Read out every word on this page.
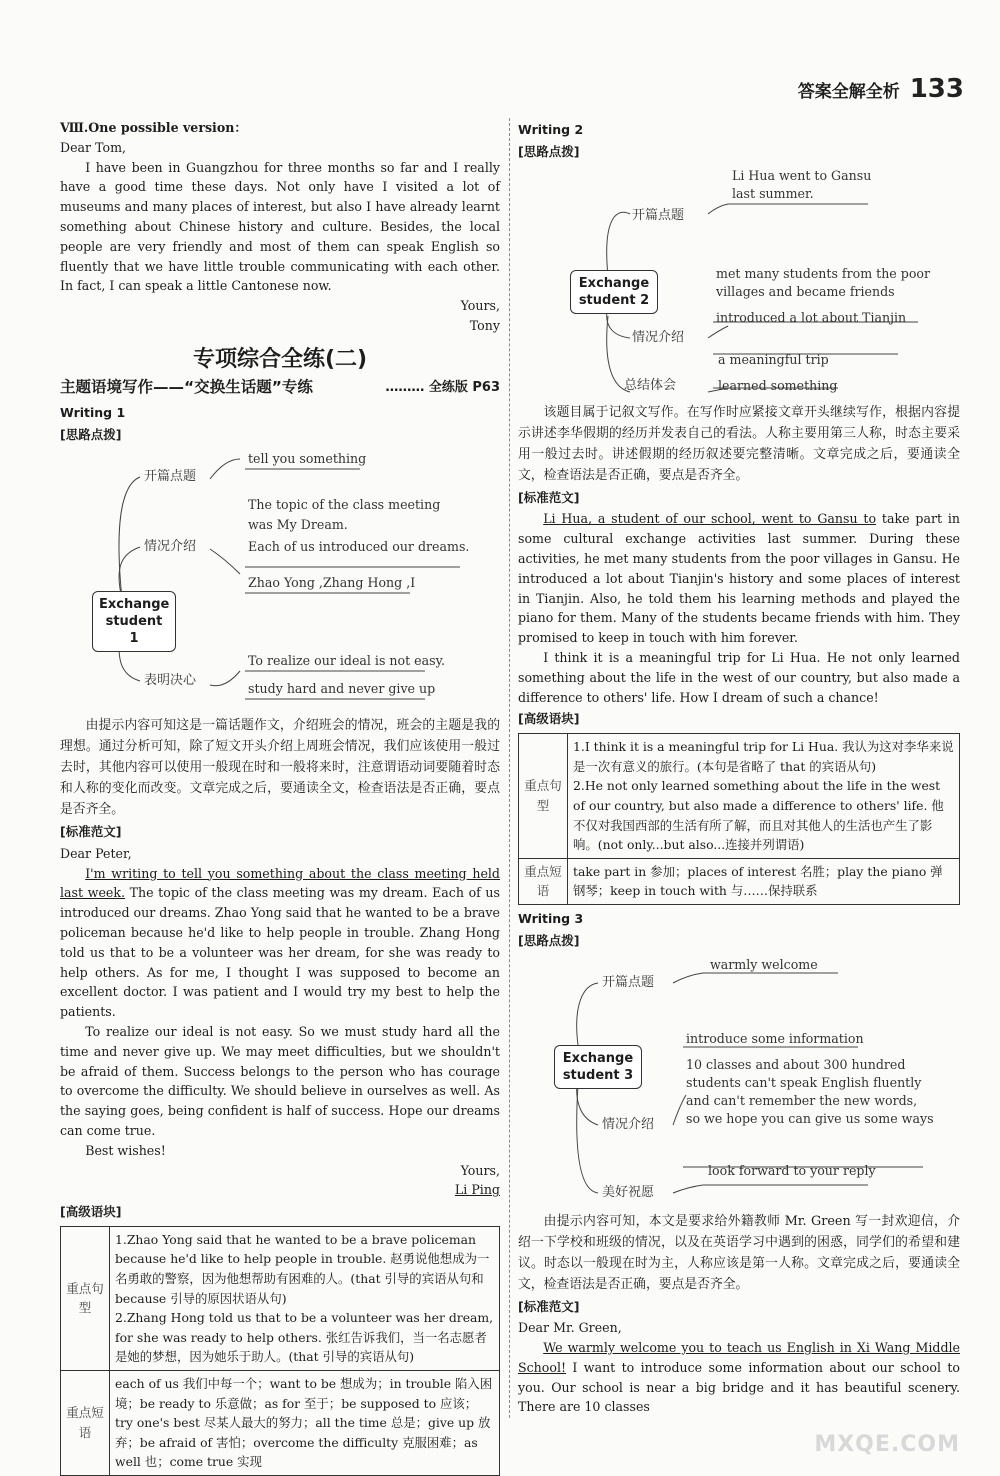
答案全解全析 133

Ⅷ.One possible version：

Dear Tom,

I have been in Guangzhou for three months so far and I really have a good time these days. Not only have I visited a lot of museums and many places of interest, but also I have already learnt something about Chinese history and culture. Besides, the local people are very friendly and most of them can speak English so fluently that we have little trouble communicating with each other. In fact, I can speak a little Cantonese now.

Yours,

Tony

专项综合全练(二)
主题语境写作——“交换生话题”专练	……… 全练版 P63

Writing 1

[思路点拨]

Exchange student 1
开篇点题
情况介绍
表明决心
tell you something
The topic of the class meeting
was My Dream.
Each of us introduced our dreams.
Zhao Yong ,Zhang Hong ,I
To realize our ideal is not easy.
study hard and never give up

由提示内容可知这是一篇话题作文，介绍班会的情况，班会的主题是我的理想。通过分析可知，除了短文开头介绍上周班会情况，我们应该使用一般过去时，其他内容可以使用一般现在时和一般将来时，注意谓语动词要随着时态和人称的变化而改变。文章完成之后，要通读全文，检查语法是否正确，要点是否齐全。

[标准范文]

Dear Peter,

I'm writing to tell you something about the class meeting held last week. The topic of the class meeting was my dream. Each of us introduced our dreams. Zhao Yong said that he wanted to be a brave policeman because he'd like to help people in trouble. Zhang Hong told us that to be a volunteer was her dream, for she was ready to help others. As for me, I thought I was supposed to become an excellent doctor. I was patient and I would try my best to help the patients.

To realize our ideal is not easy. So we must study hard all the time and never give up. We may meet difficulties, but we shouldn't be afraid of them. Success belongs to the person who has courage to overcome the difficulty. We should believe in ourselves as well. As the saying goes, being confident is half of success. Hope our dreams can come true.

Best wishes!

Yours,

Li Ping

[高级语块]

重点句型	1.Zhao Yong said that he wanted to be a brave policeman because he'd like to help people in trouble. 赵勇说他想成为一名勇敢的警察，因为他想帮助有困难的人。(that 引导的宾语从句和 because 引导的原因状语从句)
2.Zhang Hong told us that to be a volunteer was her dream, for she was ready to help others. 张红告诉我们，当一名志愿者是她的梦想，因为她乐于助人。(that 引导的宾语从句)
重点短语	each of us 我们中每一个；want to be 想成为；in trouble 陷入困境；be ready to 乐意做；as for 至于；be supposed to 应该；try one's best 尽某人最大的努力；all the time 总是；give up 放弃；be afraid of 害怕；overcome the difficulty 克服困难；as well 也；come true 实现

Writing 2

[思路点拨]

Exchange student 2
开篇点题
情况介绍
总结体会
Li Hua went to Gansu
last summer.
met many students from the poor
villages and became friends
introduced a lot about Tianjin
a meaningful trip
learned something

该题目属于记叙文写作。在写作时应紧接文章开头继续写作，根据内容提示讲述李华假期的经历并发表自己的看法。人称主要用第三人称，时态主要采用一般过去时。讲述假期的经历叙述要完整清晰。文章完成之后，要通读全文，检查语法是否正确，要点是否齐全。

[标准范文]

Li Hua, a student of our school, went to Gansu to take part in some cultural exchange activities last summer. During these activities, he met many students from the poor villages in Gansu. He introduced a lot about Tianjin's history and some places of interest in Tianjin. Also, he told them his learning methods and played the piano for them. Many of the students became friends with him. They promised to keep in touch with him forever.

I think it is a meaningful trip for Li Hua. He not only learned something about the life in the west of our country, but also made a difference to others' life. How I dream of such a chance!

[高级语块]

重点句型	1.I think it is a meaningful trip for Li Hua. 我认为这对李华来说是一次有意义的旅行。(本句是省略了 that 的宾语从句)
2.He not only learned something about the life in the west of our country, but also made a difference to others' life. 他不仅对我国西部的生活有所了解，而且对其他人的生活也产生了影响。(not only...but also...连接并列谓语)
重点短语	take part in 参加；places of interest 名胜；play the piano 弹钢琴；keep in touch with 与……保持联系

Writing 3

[思路点拨]

Exchange student 3
开篇点题
情况介绍
美好祝愿
warmly welcome
introduce some information
10 classes and about 300 hundred
students can't speak English fluently
and can't remember the new words,
so we hope you can give us some ways
look forward to your reply

由提示内容可知，本文是要求给外籍教师 Mr. Green 写一封欢迎信，介绍一下学校和班级的情况，以及在英语学习中遇到的困惑，同学们的希望和建议。时态以一般现在时为主，人称应该是第一人称。文章完成之后，要通读全文，检查语法是否正确，要点是否齐全。

[标准范文]

Dear Mr. Green,

We warmly welcome you to teach us English in Xi Wang Middle School! I want to introduce some information about our school to you. Our school is near a big bridge and it has beautiful scenery. There are 10 classes

MXQE.COM
